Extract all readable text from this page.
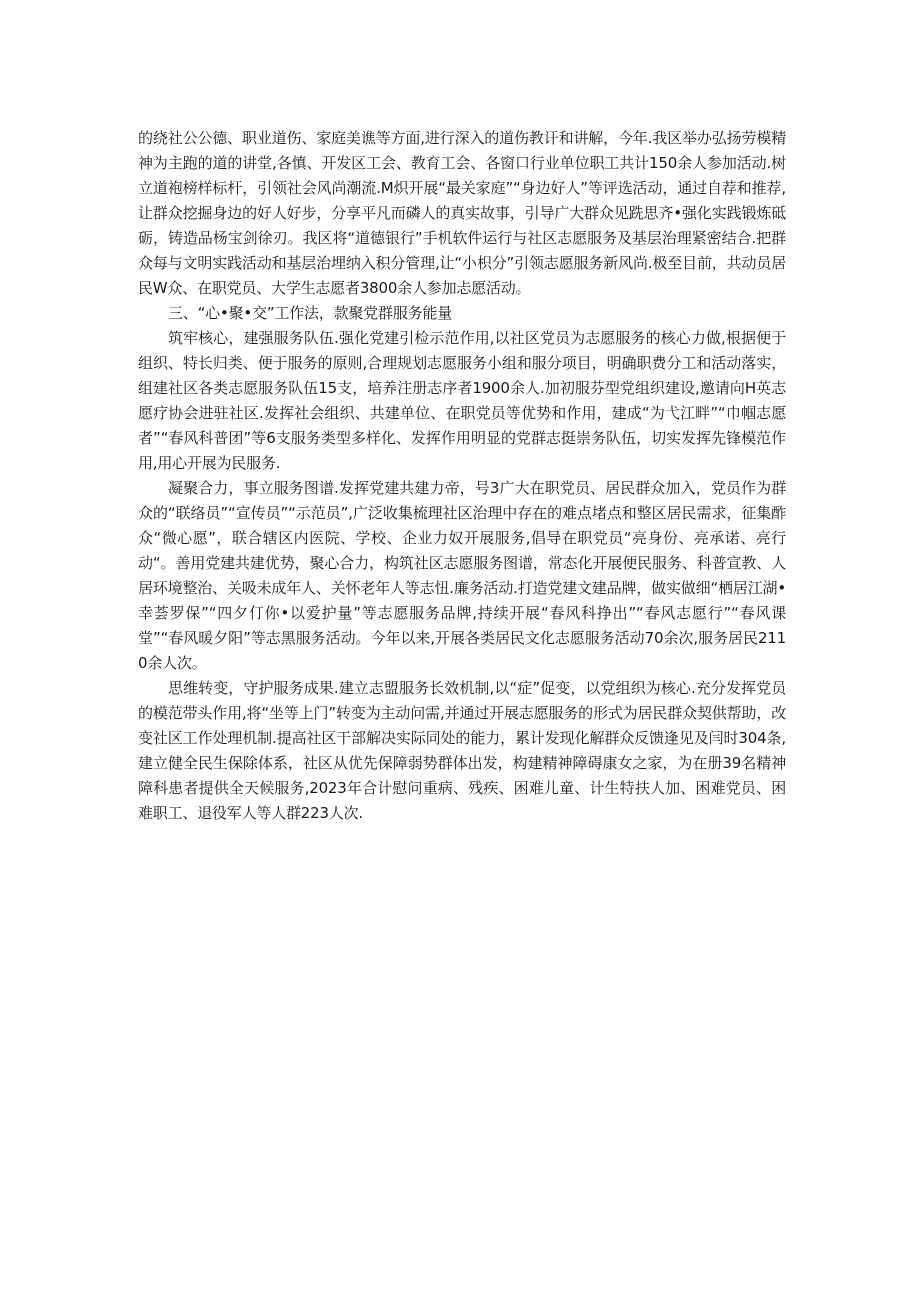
的绕社公公德、职业道伤、家庭美谯等方面,进行深入的道伤教讦和讲解，今年.我区举办弘扬劳模精神为主跑的道的讲堂,各慎、开发区工会、教育工会、各窗口行业单位职工共计150余人参加活动.树立道袍榜样标杆，引领社会风尚潮流.M炽开展“最关家庭”“身边好人”等评选活动，通过自荐和推荐,让群众挖掘身边的好人好步，分享平凡而磷人的真实故事，引导广大群众见跣思齐•强化实践锻炼砥砺，铸造品杨宝剑徐刃。我区将“道德银行”手机软件运行与社区志愿服务及基层治理紧密结合.把群众每与文明实践活动和基层治埋纳入积分管理,让“小枳分”引领志愿服务新风尚.极至目前，共动员居民W众、在职党员、大学生志愿者3800余人参加忐愿活动。

三、“心•聚•交”工作法，款聚党群服务能量

筑牢核心，建强服务队伍.强化党建引检示范作用,以社区党员为志愿服务的核心力做,根据便于组织、特长归类、便于服务的原则,合理规划志愿服务小组和服分项目，明确职费分工和活动落实，组建社区各类志愿服务队伍15支，培养注册志序者1900余人.加初服芬型党组织建设,邀请向H英志愿疗协会进驻社区.发挥社会组织、共建单位、在职党员等优势和作用，建成“为弋江畔”“巾帼志愿者”“春风科普团”等6支服务类型多样化、发挥作用明显的党群志挺崇务队伍，切实发挥先锋模范作用,用心开展为民服务.

凝聚合力，事立服务图谱.发挥党建共建力帝，号3广大在职党员、居民群众加入，党员作为群众的“联络员”“宣传员”“示范员”,广泛收集梳理社区治理中存在的难点堵点和整区居民需求，征集酢众“微心愿”，联合辖区内医院、学校、企业力奴开展服务,倡导在职党员“亮身份、亮承诺、亮行动“。善用党建共建优势，聚心合力，构筑社区志愿服务图谱，常态化开展便民服务、科普宣教、人居环境整治、关吸未成年人、关怀老年人等志忸.廉务活动.打造党建文建品牌，做实做细“栖居江湖•幸荟罗保”“四夕仃你•以爱护量”等志愿服务品牌,持续开展“春风科挣出”“春风志愿行”“春风课堂”“春风暖夕阳”等志黑服务活动。今年以来,开展各类居民文化志愿服务活动70余次,服务居民2110余人次。

思维转变，守护服务成果.建立志盟服务长效机制,以“症”促变，以党组织为核心.充分发挥党员的模范带头作用,将“坐等上门”转变为主动问需,并通过开展志愿服务的形式为居民群众契供帮助，改变社区工作处理机制.提高社区干部解决实际同处的能力，累计发现化解群众反馈逢见及闫时304条,建立健全民生保除体系，社区从优先保障弱势群体出发，构建精神障碍康女之家，为在册39名精神障科患者提供全天候服务,2023年合计慰问重病、残疾、困难儿童、计生特扶人加、困难党员、困难职工、退役军人等人群223人次.
